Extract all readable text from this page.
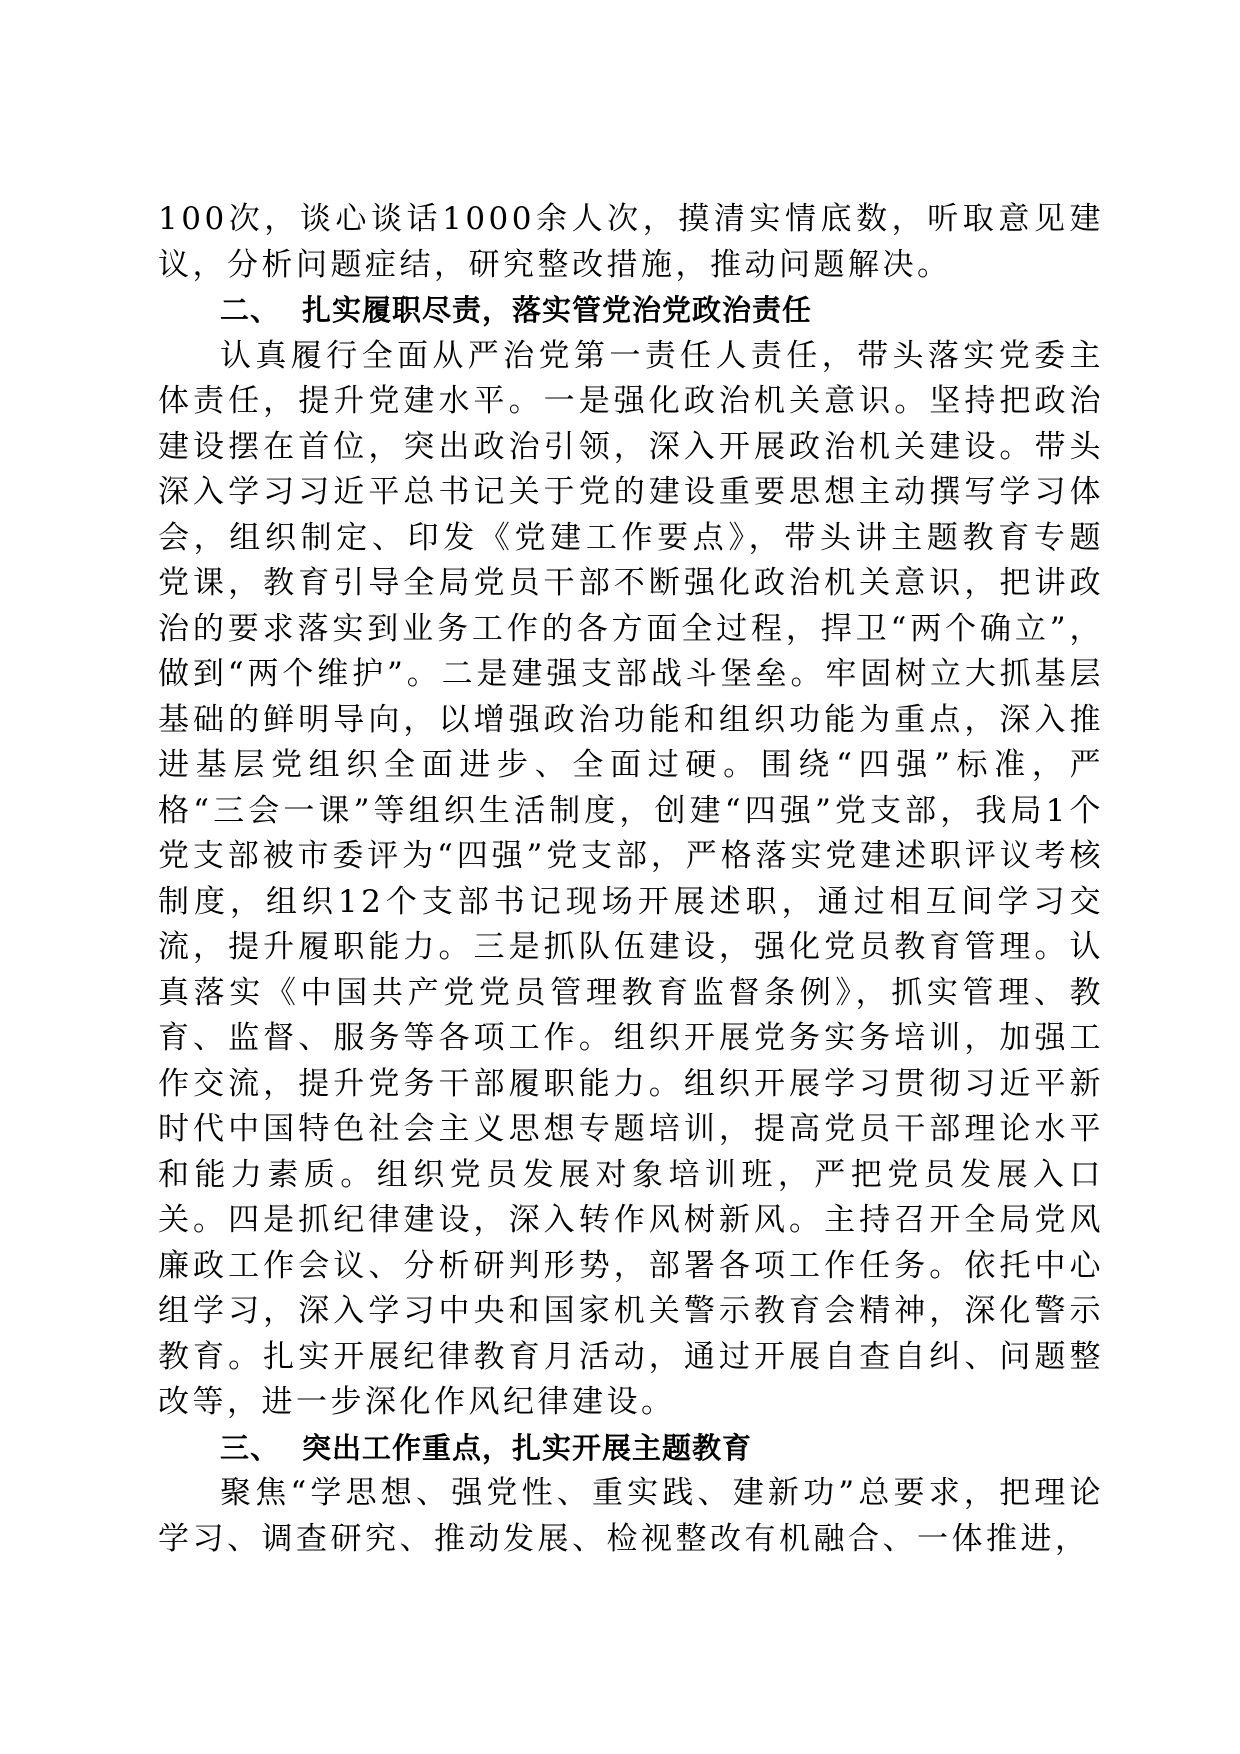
100次，谈心谈话1000余人次，摸清实情底数，听取意见建议，分析问题症结，研究整改措施，推动问题解决。

二、 扎实履职尽责，落实管党治党政治责任

认真履行全面从严治党第一责任人责任，带头落实党委主体责任，提升党建水平。一是强化政治机关意识。坚持把政治建设摆在首位，突出政治引领，深入开展政治机关建设。带头深入学习习近平总书记关于党的建设重要思想主动撰写学习体会，组织制定、印发《党建工作要点》，带头讲主题教育专题党课，教育引导全局党员干部不断强化政治机关意识，把讲政治的要求落实到业务工作的各方面全过程，捍卫“两个确立”，做到“两个维护”。二是建强支部战斗堡垒。牢固树立大抓基层基础的鲜明导向，以增强政治功能和组织功能为重点，深入推进基层党组织全面进步、全面过硬。围绕“四强”标准，严格“三会一课”等组织生活制度，创建“四强”党支部，我局1个党支部被市委评为“四强”党支部，严格落实党建述职评议考核制度，组织12个支部书记现场开展述职，通过相互间学习交流，提升履职能力。三是抓队伍建设，强化党员教育管理。认真落实《中国共产党党员管理教育监督条例》，抓实管理、教育、监督、服务等各项工作。组织开展党务实务培训，加强工作交流，提升党务干部履职能力。组织开展学习贯彻习近平新时代中国特色社会主义思想专题培训，提高党员干部理论水平和能力素质。组织党员发展对象培训班，严把党员发展入口关。四是抓纪律建设，深入转作风树新风。主持召开全局党风廉政工作会议、分析研判形势，部署各项工作任务。依托中心组学习，深入学习中央和国家机关警示教育会精神，深化警示教育。扎实开展纪律教育月活动，通过开展自查自纠、问题整改等，进一步深化作风纪律建设。

三、 突出工作重点，扎实开展主题教育

聚焦“学思想、强党性、重实践、建新功”总要求，把理论学习、调查研究、推动发展、检视整改有机融合、一体推进，
